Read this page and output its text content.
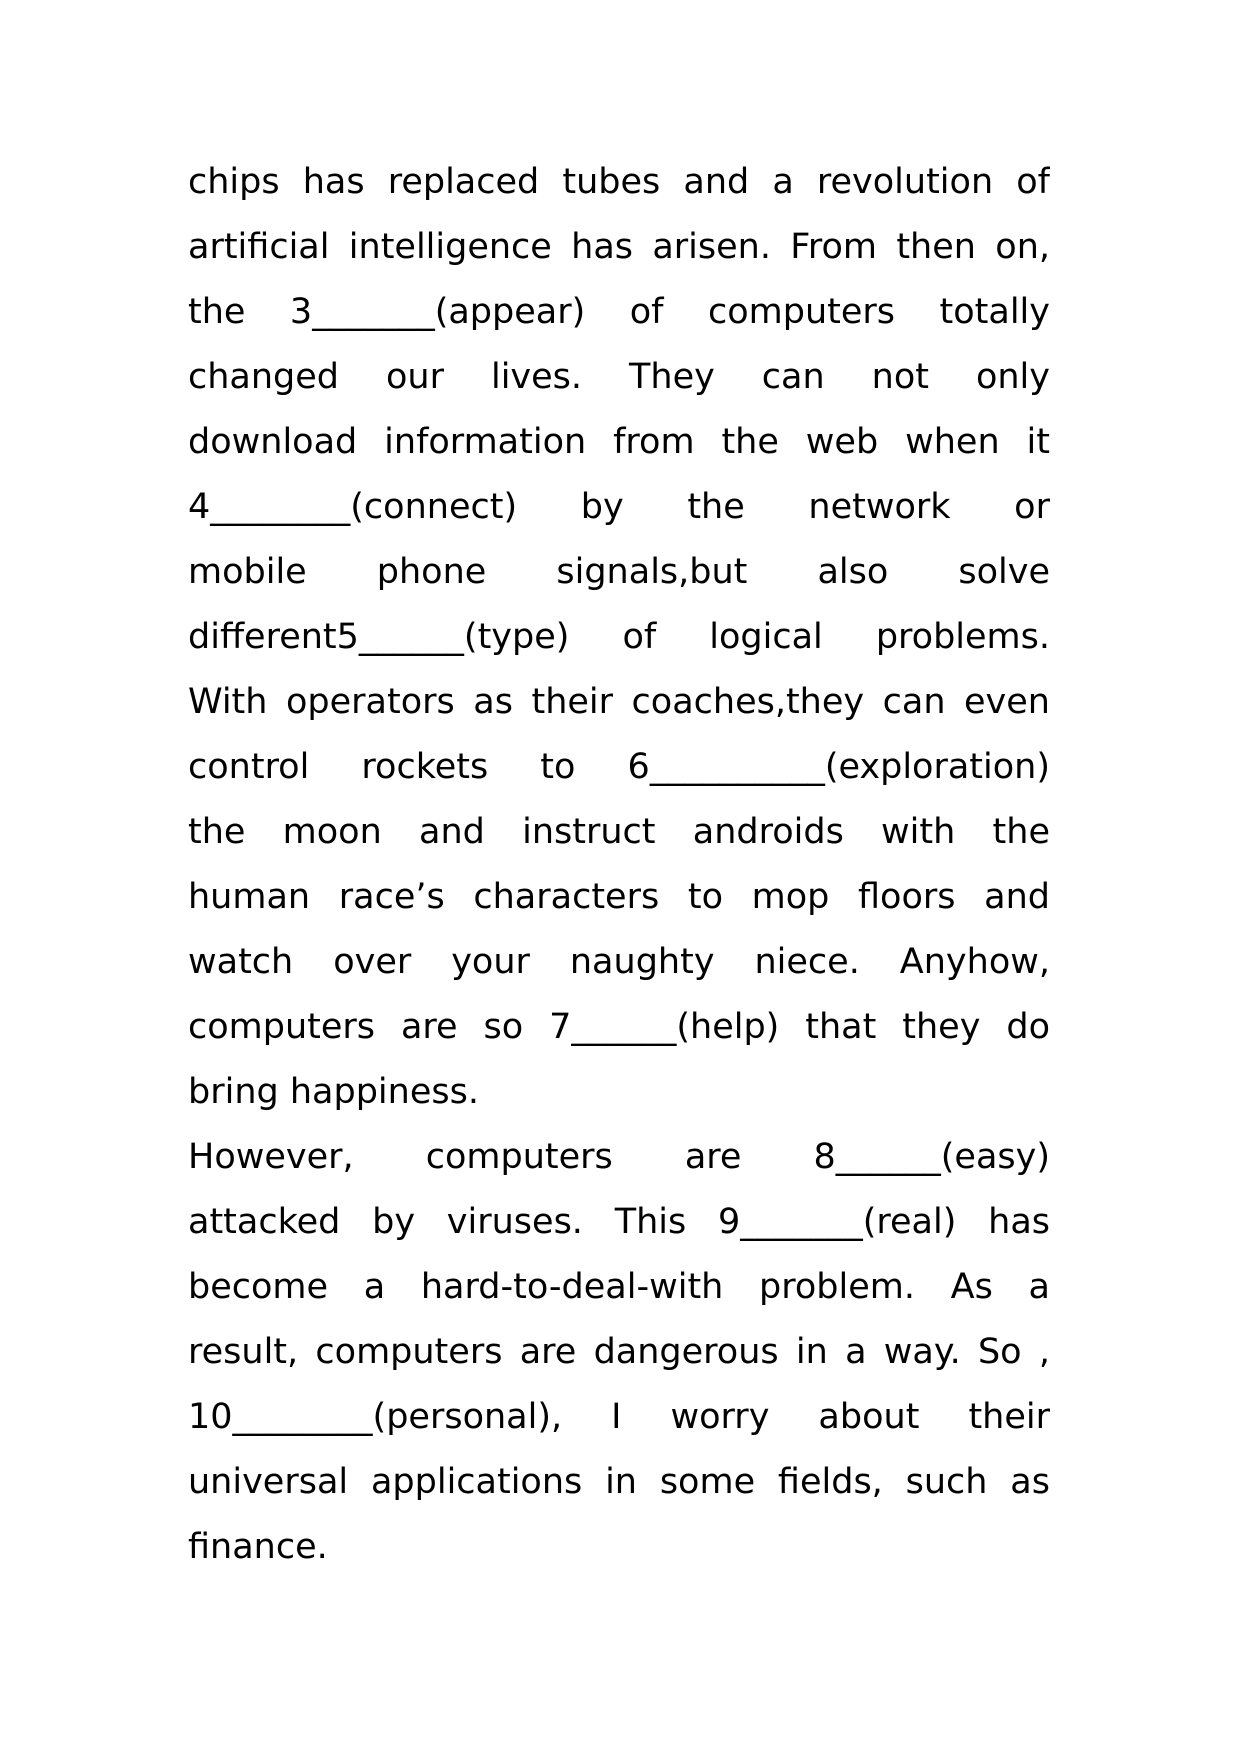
chips has replaced tubes and a revolution of
artificial intelligence has arisen. From then on,
the 3_______(appear) of computers totally
changed our lives. They can not only
download information from the web when it
4________(connect) by the network or
mobile phone signals,but also solve
different5______(type) of logical problems.
With operators as their coaches,they can even
control rockets to 6__________(exploration)
the moon and instruct androids with the
human race’s characters to mop floors and
watch over your naughty niece. Anyhow,
computers are so 7______(help) that they do
bring happiness.
However, computers are 8______(easy)
attacked by viruses. This 9_______(real) has
become a hard-to-deal-with problem. As a
result, computers are dangerous in a way. So ,
10________(personal), I worry about their
universal applications in some fields, such as
finance.
